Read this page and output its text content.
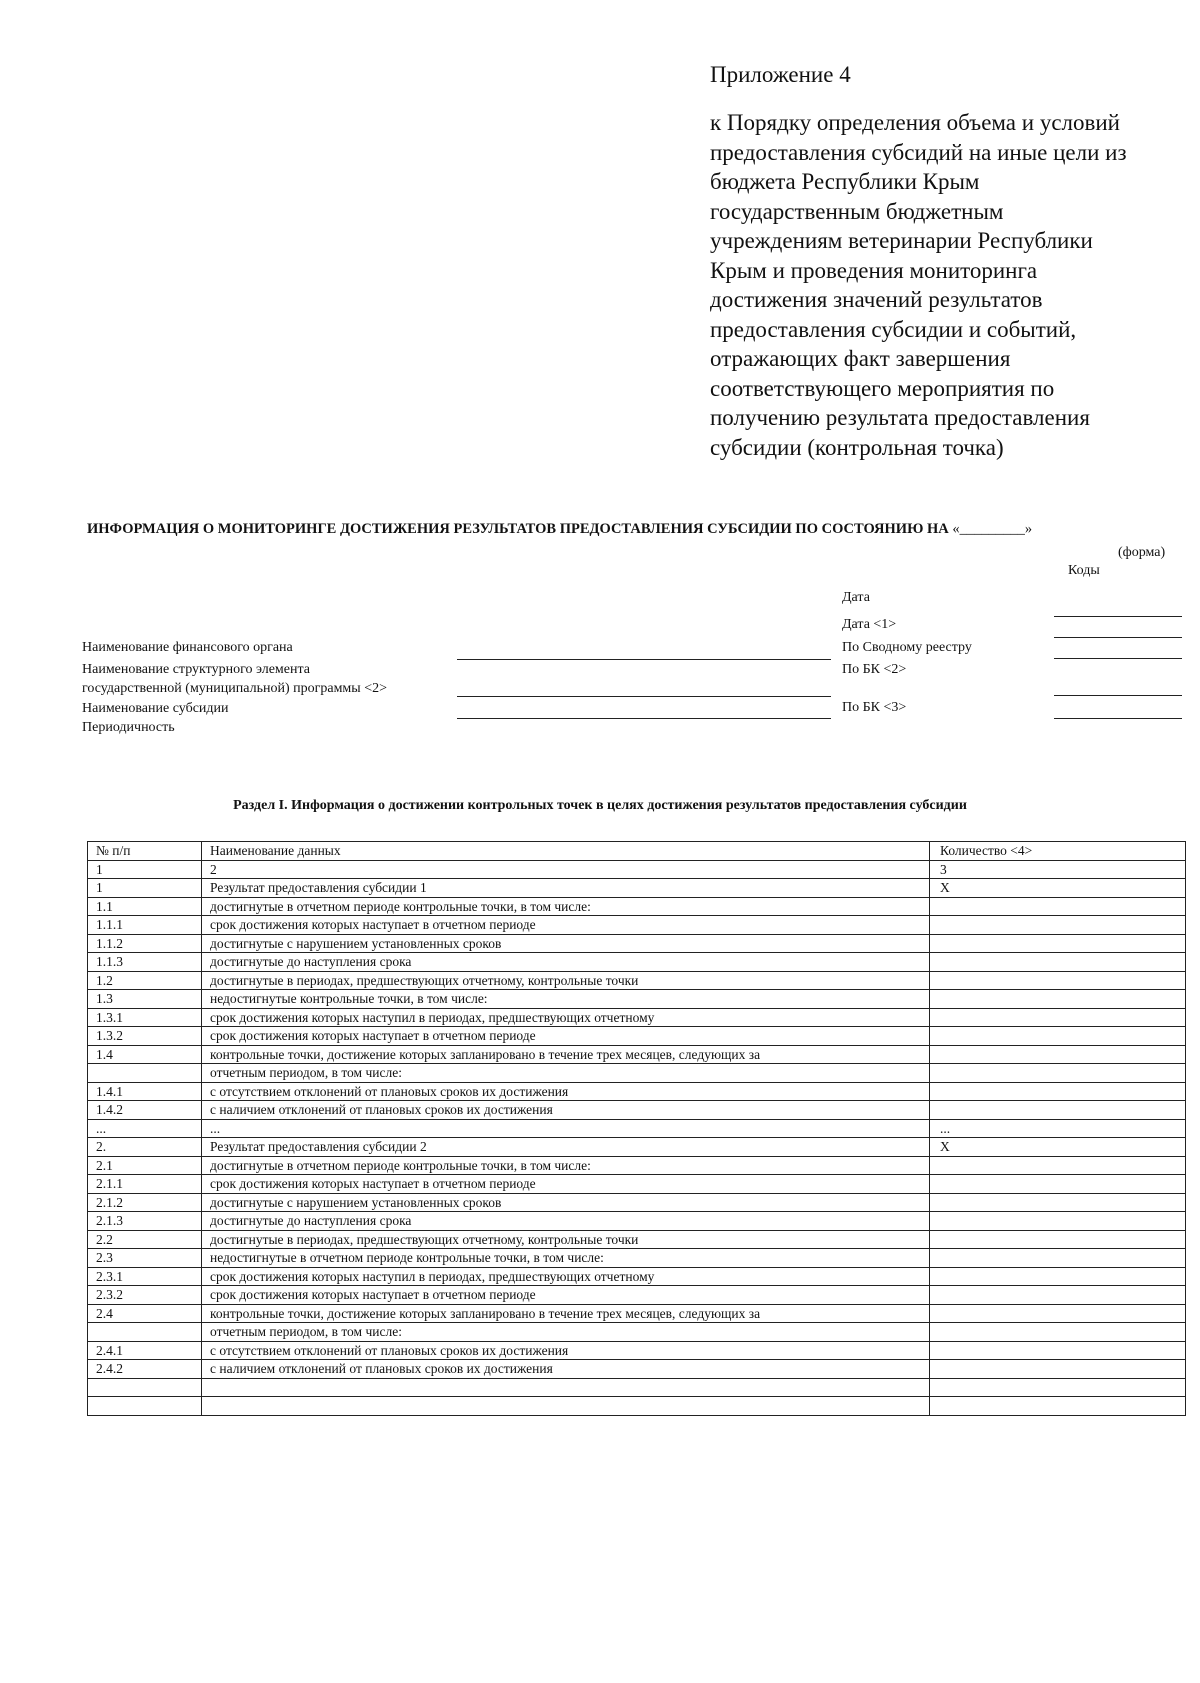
Приложение 4
к Порядку определения объема и условий
предоставления субсидий на иные цели из
бюджета Республики Крым
государственным бюджетным
учреждениям ветеринарии Республики
Крым и проведения мониторинга
достижения значений результатов
предоставления субсидии и событий,
отражающих факт завершения
соответствующего мероприятия по
получению результата предоставления
субсидии (контрольная точка)
ИНФОРМАЦИЯ О МОНИТОРИНГЕ ДОСТИЖЕНИЯ РЕЗУЛЬТАТОВ ПРЕДОСТАВЛЕНИЯ СУБСИДИИ ПО СОСТОЯНИЮ НА «_________»
(форма)
Коды
Дата
Дата <1>
По Сводному реестру
По БК <2>
По БК <3>
Наименование финансового органа
Наименование структурного элемента
государственной (муниципальной) программы <2>
Наименование субсидии
Периодичность
Раздел I. Информация о достижении контрольных точек в целях достижения результатов предоставления субсидии
№ п/п	Наименование данных	Количество <4>
1	2	3
1	Результат предоставления субсидии 1	Х
1.1	достигнутые в отчетном периоде контрольные точки, в том числе:	
1.1.1	срок достижения которых наступает в отчетном периоде	
1.1.2	достигнутые с нарушением установленных сроков	
1.1.3	достигнутые до наступления срока	
1.2	достигнутые в периодах, предшествующих отчетному, контрольные точки	
1.3	недостигнутые контрольные точки, в том числе:	
1.3.1	срок достижения которых наступил в периодах, предшествующих отчетному	
1.3.2	срок достижения которых наступает в отчетном периоде	
1.4	контрольные точки, достижение которых запланировано в течение трех месяцев, следующих за	
	отчетным периодом, в том числе:	
1.4.1	с отсутствием отклонений от плановых сроков их достижения	
1.4.2	с наличием отклонений от плановых сроков их достижения	
...	...	...
2.	Результат предоставления субсидии 2	Х
2.1	достигнутые в отчетном периоде контрольные точки, в том числе:	
2.1.1	срок достижения которых наступает в отчетном периоде	
2.1.2	достигнутые с нарушением установленных сроков	
2.1.3	достигнутые до наступления срока	
2.2	достигнутые в периодах, предшествующих отчетному, контрольные точки	
2.3	недостигнутые в отчетном периоде контрольные точки, в том числе:	
2.3.1	срок достижения которых наступил в периодах, предшествующих отчетному	
2.3.2	срок достижения которых наступает в отчетном периоде	
2.4	контрольные точки, достижение которых запланировано в течение трех месяцев, следующих за	
	отчетным периодом, в том числе:	
2.4.1	с отсутствием отклонений от плановых сроков их достижения	
2.4.2	с наличием отклонений от плановых сроков их достижения	
